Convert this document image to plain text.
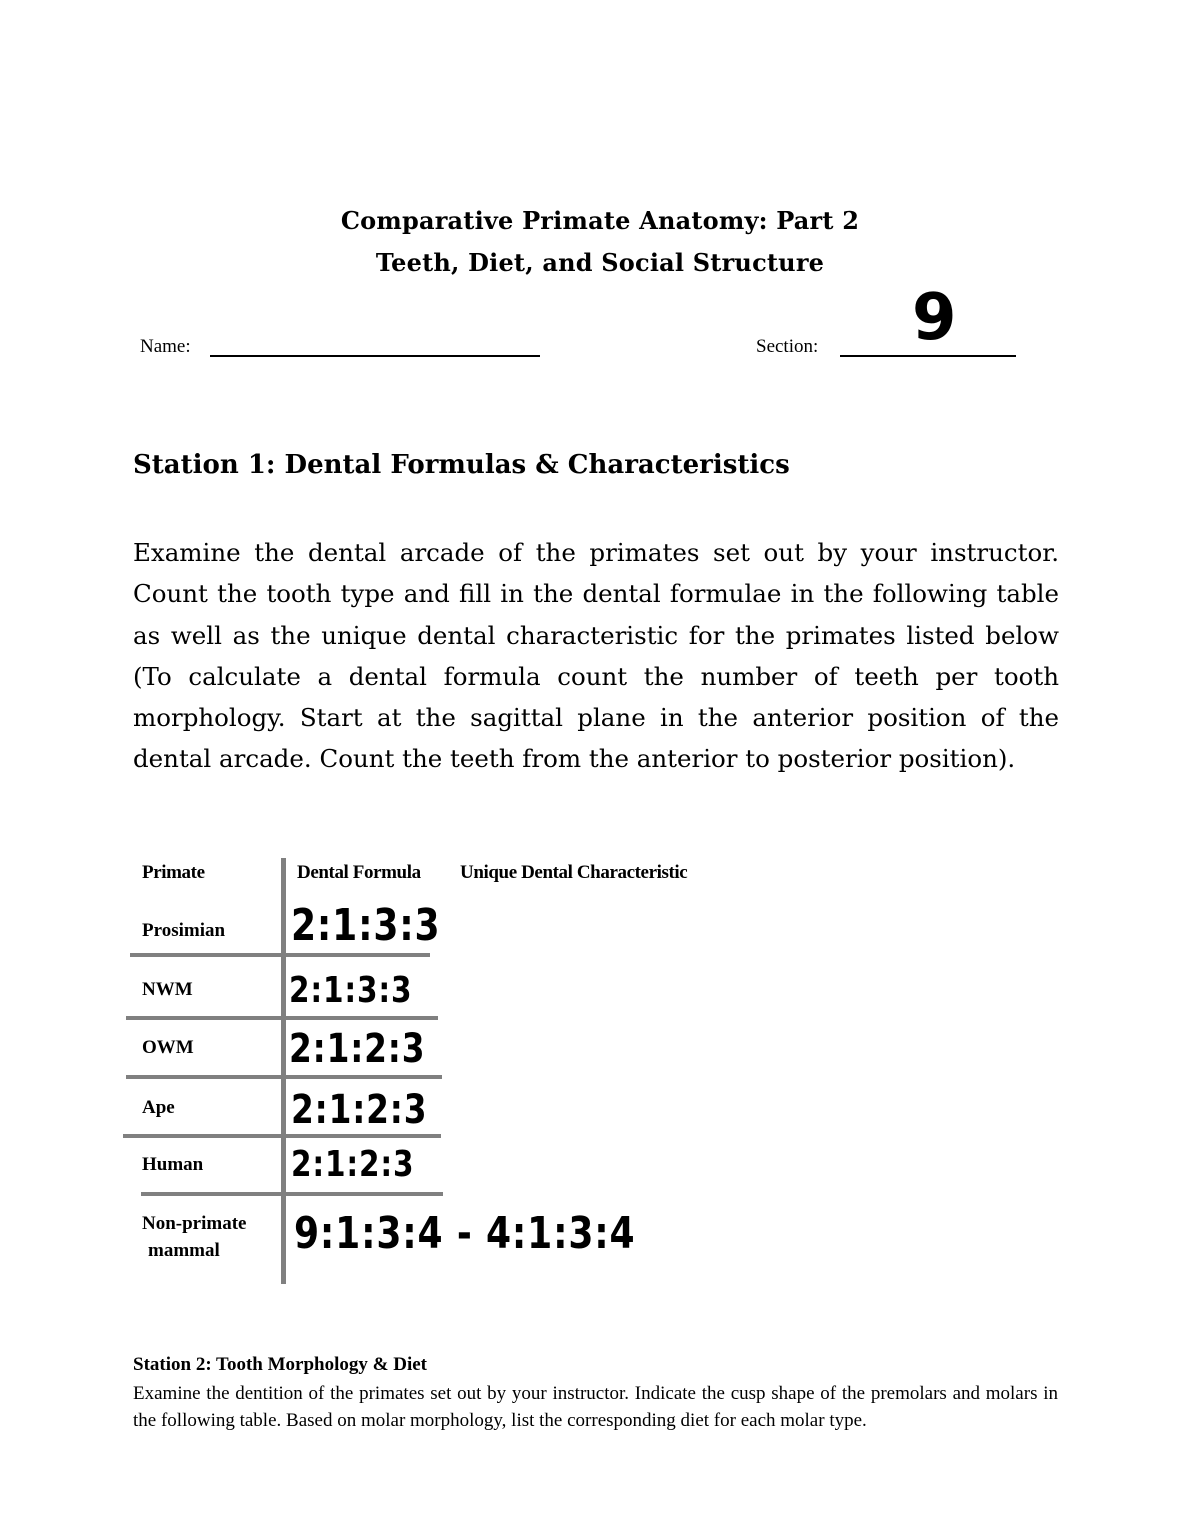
Comparative Primate Anatomy: Part 2
Teeth, Diet, and Social Structure
Name:	Section: 9
Station 1: Dental Formulas & Characteristics

Examine the dental arcade of the primates set out by your instructor. Count the tooth type and fill in the dental formulae in the following table as well as the unique dental characteristic for the primates listed below (To calculate a dental formula count the number of teeth per tooth morphology. Start at the sagittal plane in the anterior position of the dental arcade. Count the teeth from the anterior to posterior position).

Primate	Dental Formula Unique Dental Characteristic
Prosimian 2:1:3:3
NWM	2:1:3:3
OWM 2:1:2:3
Ape	2:1:2:3
Human 2:1:2:3
Non-primate
mammal 9:1:3:4 - 4:1:3:4
Station 2: Tooth Morphology & Diet

Examine the dentition of the primates set out by your instructor. Indicate the cusp shape of the premolars and molars in the following table. Based on molar morphology, list the corresponding diet for each molar type.
